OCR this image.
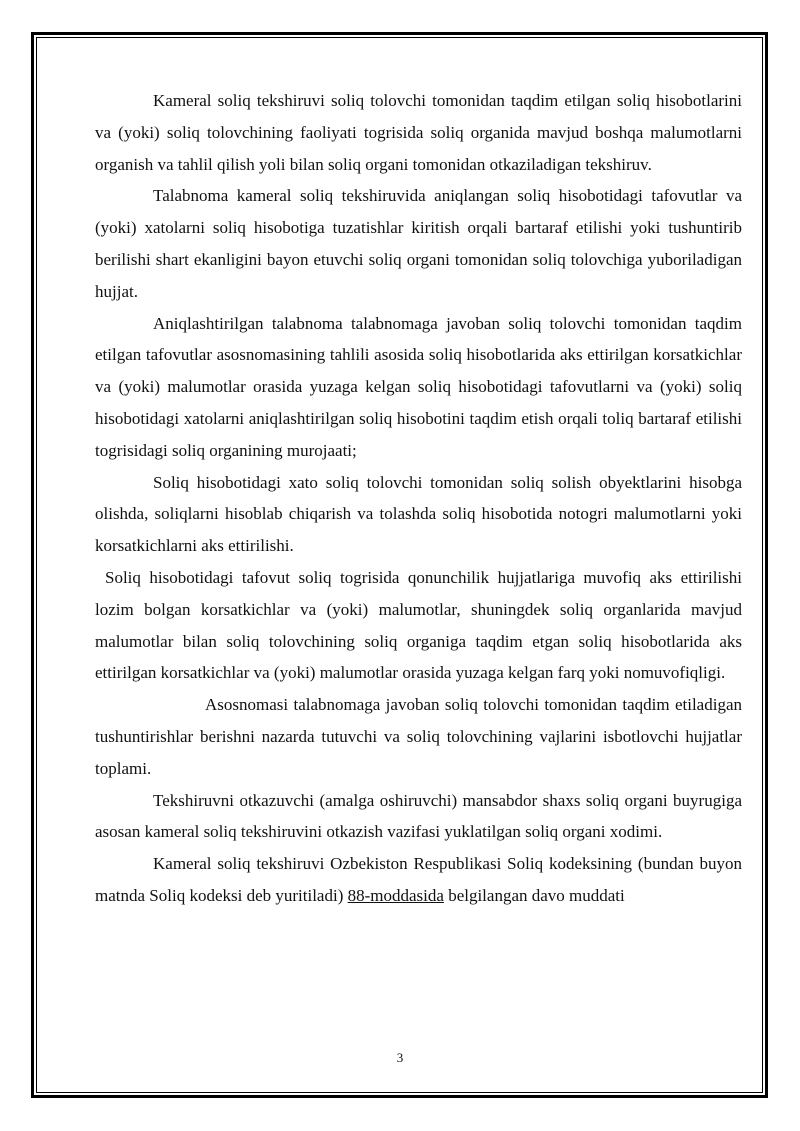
Kameral soliq tekshiruvi soliq tolovchi tomonidan taqdim etilgan soliq hisobotlarini va (yoki) soliq tolovchining faoliyati togrisida soliq organida mavjud boshqa malumotlarni organish va tahlil qilish yoli bilan soliq organi tomonidan otkaziladigan tekshiruv.

Talabnoma kameral soliq tekshiruvida aniqlangan soliq hisobotidagi tafovutlar va (yoki) xatolarni soliq hisobotiga tuzatishlar kiritish orqali bartaraf etilishi yoki tushuntirib berilishi shart ekanligini bayon etuvchi soliq organi tomonidan soliq tolovchiga yuboriladigan hujjat.

Aniqlashtirilgan talabnoma talabnomaga javoban soliq tolovchi tomonidan taqdim etilgan tafovutlar asosnomasining tahlili asosida soliq hisobotlarida aks ettirilgan korsatkichlar va (yoki) malumotlar orasida yuzaga kelgan soliq hisobotidagi tafovutlarni va (yoki) soliq hisobotidagi xatolarni aniqlashtirilgan soliq hisobotini taqdim etish orqali toliq bartaraf etilishi togrisidagi soliq organining murojaati;

Soliq hisobotidagi xato soliq tolovchi tomonidan soliq solish obyektlarini hisobga olishda, soliqlarni hisoblab chiqarish va tolashda soliq hisobotida notogri malumotlarni yoki korsatkichlarni aks ettirilishi.

Soliq hisobotidagi tafovut soliq togrisida qonunchilik hujjatlariga muvofiq aks ettirilishi lozim bolgan korsatkichlar va (yoki) malumotlar, shuningdek soliq organlarida mavjud malumotlar bilan soliq tolovchining soliq organiga taqdim etgan soliq hisobotlarida aks ettirilgan korsatkichlar va (yoki) malumotlar orasida yuzaga kelgan farq yoki nomuvofiqligi.

Asosnomasi talabnomaga javoban soliq tolovchi tomonidan taqdim etiladigan tushuntirishlar berishni nazarda tutuvchi va soliq tolovchining vajlarini isbotlovchi hujjatlar toplami.

Tekshiruvni otkazuvchi (amalga oshiruvchi) mansabdor shaxs soliq organi buyrugiga asosan kameral soliq tekshiruvini otkazish vazifasi yuklatilgan soliq organi xodimi.

Kameral soliq tekshiruvi Ozbekiston Respublikasi Soliq kodeksining (bundan buyon matnda Soliq kodeksi deb yuritiladi) 88-moddasida belgilangan davo muddati

3
